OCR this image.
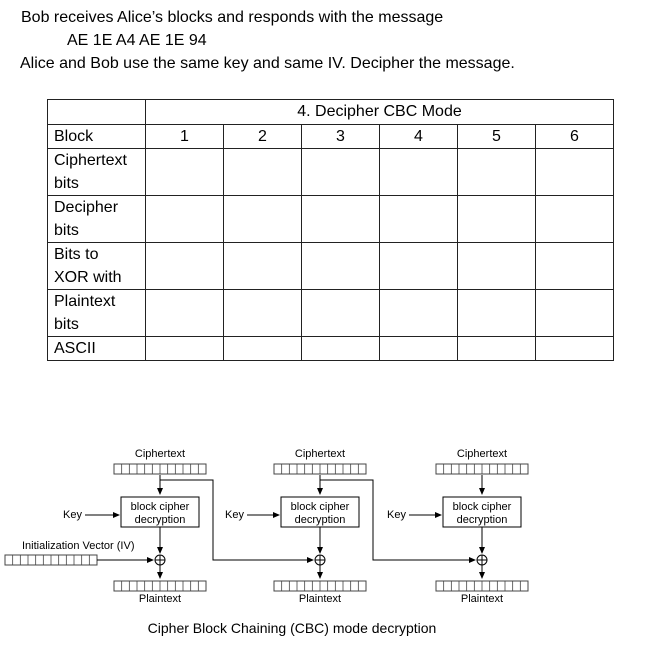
Bob receives Alice’s blocks and responds with the message
AE 1E A4 AE 1E 94
Alice and Bob use the same key and same IV. Decipher the message.
	4. Decipher CBC Mode					
Block	1	2	3	4	5	6

Ciphertext
bits						

Decipher
bits						

Bits to
XOR with						

Plaintext
bits						

ASCII						

Ciphertext
block cipher
decryption
Key
Plaintext
Ciphertext
block cipher
decryption
Key
Plaintext
Ciphertext
block cipher
decryption
Key
Plaintext
Initialization Vector (IV)
Cipher Block Chaining (CBC) mode decryption
